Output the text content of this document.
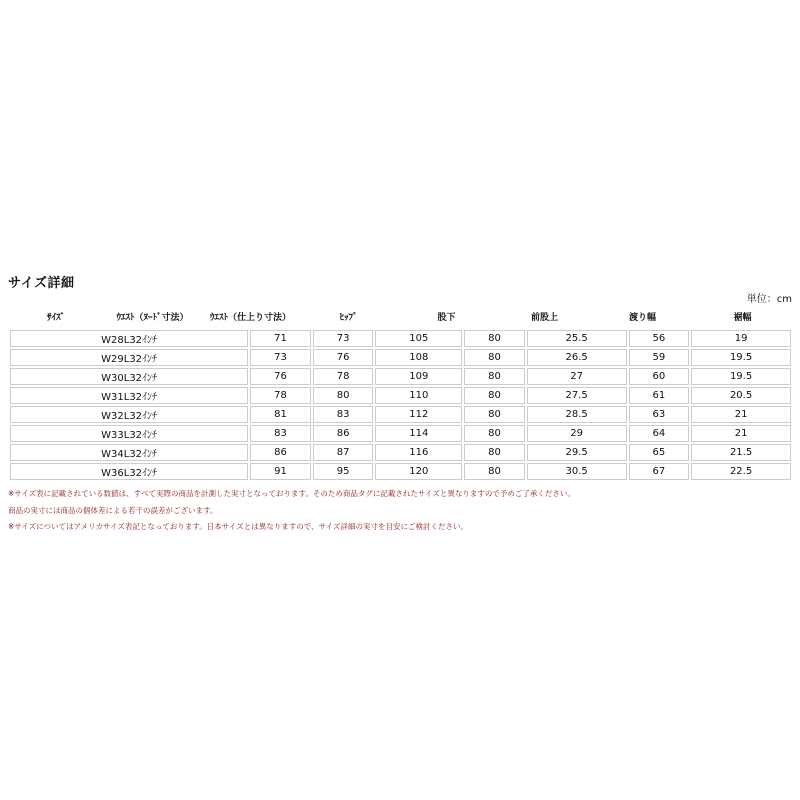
サイズ詳細
単位：cm
ｻｲｽﾞ	ｳｴｽﾄ（ﾇｰﾄﾞ寸法）	ｳｴｽﾄ（仕上り寸法）	ﾋｯﾌﾟ	股下	前股上	渡り幅	裾幅
W28L32ｲﾝﾁ	71	73	105	80	25.5	56	19
W29L32ｲﾝﾁ	73	76	108	80	26.5	59	19.5
W30L32ｲﾝﾁ	76	78	109	80	27	60	19.5
W31L32ｲﾝﾁ	78	80	110	80	27.5	61	20.5
W32L32ｲﾝﾁ	81	83	112	80	28.5	63	21
W33L32ｲﾝﾁ	83	86	114	80	29	64	21
W34L32ｲﾝﾁ	86	87	116	80	29.5	65	21.5
W36L32ｲﾝﾁ	91	95	120	80	30.5	67	22.5
※サイズ表に記載されている数値は、すべて実際の商品を計測した実寸となっております。そのため商品タグに記載されたサイズと異なりますので予めご了承ください。
商品の実寸には商品の個体差による若干の誤差がございます。
※サイズについてはアメリカサイズ表記となっております。日本サイズとは異なりますので、サイズ詳細の実寸を目安にご検討ください。
